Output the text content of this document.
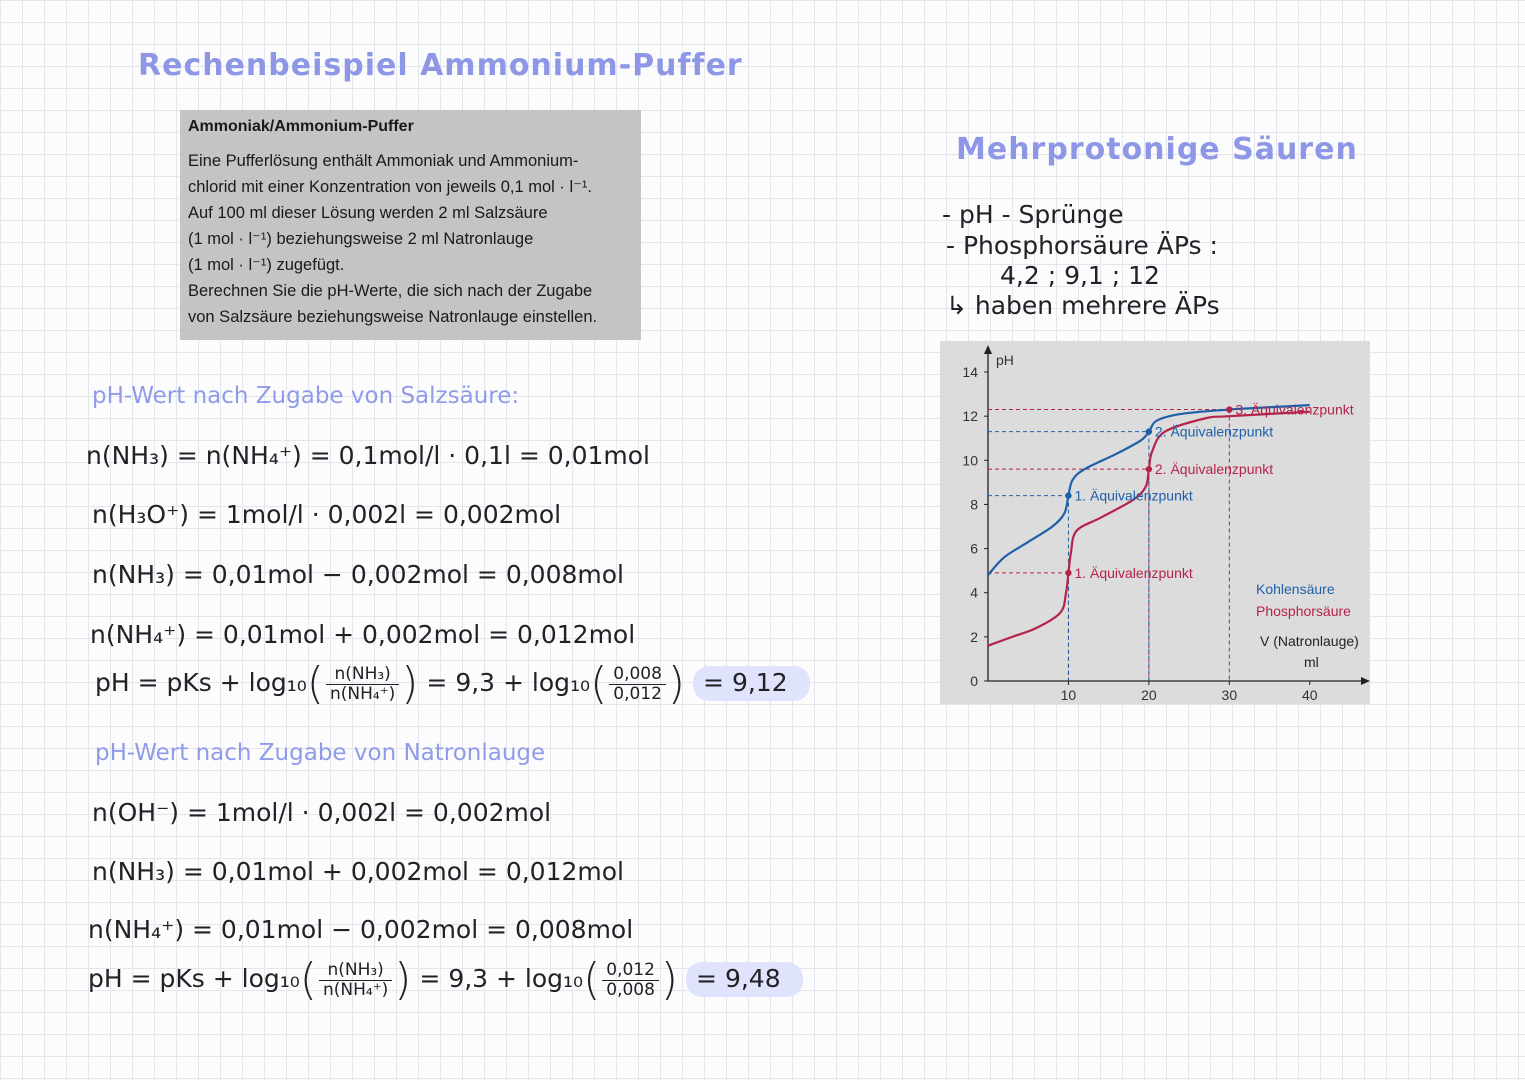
Rechenbeispiel Ammonium-Puffer
Ammoniak/Ammonium-Puffer
Eine Pufferlösung enthält Ammoniak und Ammonium-
chlorid mit einer Konzentration von jeweils 0,1 mol · l⁻¹.
Auf 100 ml dieser Lösung werden 2 ml Salzsäure
(1 mol · l⁻¹) beziehungsweise 2 ml Natronlauge
(1 mol · l⁻¹) zugefügt.
Berechnen Sie die pH-Werte, die sich nach der Zugabe
von Salzsäure beziehungsweise Natronlauge einstellen.
pH-Wert nach Zugabe von Salzsäure:
n(NH₃) = n(NH₄⁺) = 0,1mol/l · 0,1l = 0,01mol
n(H₃O⁺) = 1mol/l · 0,002l = 0,002mol
n(NH₃) = 0,01mol − 0,002mol = 0,008mol
n(NH₄⁺) = 0,01mol + 0,002mol = 0,012mol
pH = pKs + $\log_{10}( \frac{\text{n(NH₃)}}{\text{n(NH₄⁺)}}$ ) = $9,3 + \log_{10}( \frac{0,008}{0,012}$ ) = 9,12
pH-Wert nach Zugabe von Natronlauge
n(OH⁻) = 1mol/l · 0,002l = 0,002mol
n(NH₃) = 0,01mol + 0,002mol = 0,012mol
n(NH₄⁺) = 0,01mol − 0,002mol = 0,008mol
pH = pKs + $\log_{10}( \frac{\text{n(NH₃)}}{\text{n(NH₄⁺)}}$ ) = $9,3 + \log_{10}( \frac{0,012}{0,008}$ ) = 9,48
Mehrprotonige Säuren
- pH - Sprünge
- Phosphorsäure ÄPs :
4,2 ; 9,1 ; 12
↳ haben mehrere ÄPs
0
2
4
6
8
10
12
14
10	20	30	40
pH
1. Äquivalenzpunkt
2. Äquivalenzpunkt
3. Äquivalenzpunkt
1. Äquivalenzpunkt
2. Äquivalenzpunkt
Kohlensäure
Phosphorsäure
V (Natronlauge)
ml
